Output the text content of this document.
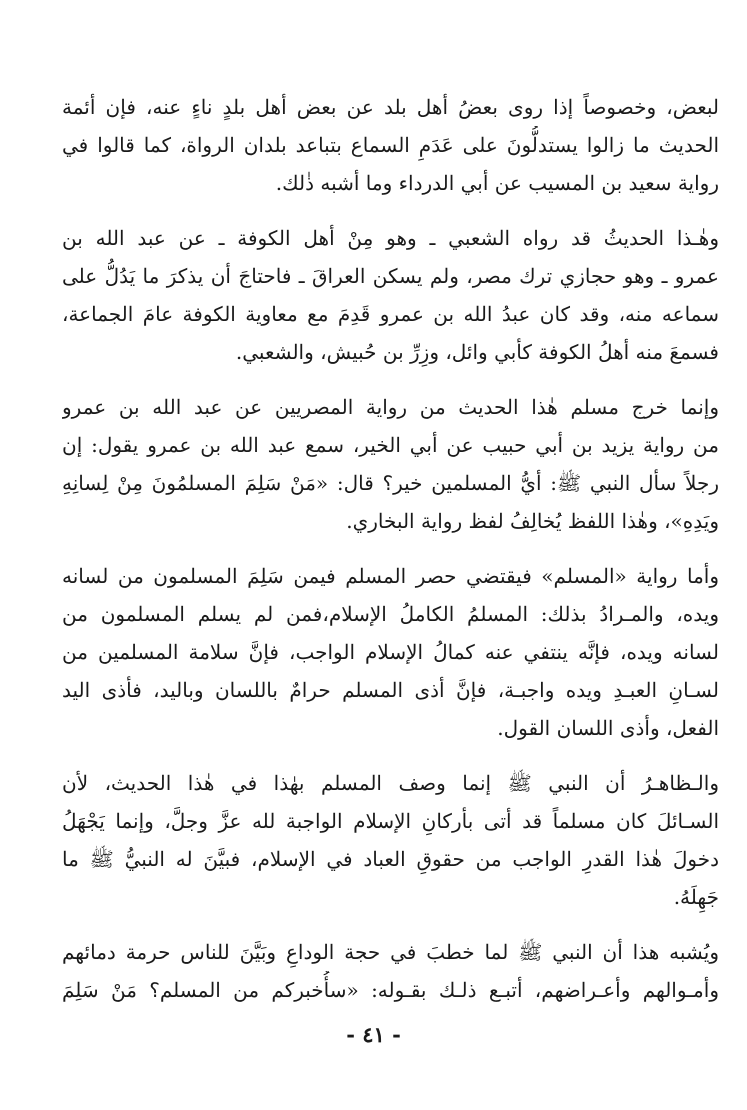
لبعض، وخصوصاً إذا روى بعضُ أهل بلد عن بعض أهل بلدٍ ناءٍ عنه، فإن أئمة
الحديث ما زالوا يستدلُّونَ على عَدَمِ السماع بتباعد بلدان الرواة، كما قالوا في
رواية سعيد بن المسيب عن أبي الدرداء وما أشبه ذٰلك.
وهٰـذا الحديثُ قد رواه الشعبي ـ وهو مِنْ أهل الكوفة ـ عن عبد الله بن
عمرو ـ وهو حجازي ترك مصر، ولم يسكن العراقَ ـ فاحتاجَ أن يذكرَ ما يَدُلُّ على
سماعه منه، وقد كان عبدُ الله بن عمرو قَدِمَ مع معاوية الكوفة عامَ الجماعة،
فسمعَ منه أهلُ الكوفة كأبي وائل، وزِرِّ بن حُبيش، والشعبي.
وإنما خرج مسلم هٰذا الحديث من رواية المصريين عن عبد الله بن عمرو
من رواية يزيد بن أبي حبيب عن أبي الخير، سمع عبد الله بن عمرو يقول: إن
رجلاً سأل النبي ﷺ: أيُّ المسلمين خير؟ قال: «مَنْ سَلِمَ المسلمُونَ مِنْ لِسانِهِ
ويَدِهِ»، وهٰذا اللفظ يُخالِفُ لفظ رواية البخاري.
وأما رواية «المسلم» فيقتضي حصر المسلم فيمن سَلِمَ المسلمون من لسانه
ويده، والمـرادُ بذلك: المسلمُ الكاملُ الإسلام،فمن لم يسلم المسلمون من
لسانه ويده، فإنَّه ينتفي عنه كمالُ الإسلام الواجب، فإنَّ سلامة المسلمين من
لسـانِ العبـدِ ويده واجبـة، فإنَّ أذى المسلم حرامٌ باللسان وباليد، فأذى اليد
الفعل، وأذى اللسان القول.
والـظاهـرُ أن النبي ﷺ إنما وصف المسلم بهٰذا في هٰذا الحديث، لأن
السـائلَ كان مسلماً قد أتى بأركانِ الإسلام الواجبة لله عزَّ وجلَّ، وإنما يَجْهَلُ
دخولَ هٰذا القدرِ الواجب من حقوقِ العباد في الإسلام، فبيَّنَ له النبيُّ ﷺ ما
جَهِلَهُ.
ويُشبه هذا أن النبي ﷺ لما خطبَ في حجة الوداعِ وبَيَّنَ للناس حرمة دمائهم
وأمـوالهم وأعـراضهم، أتبـع ذلـك بقـوله: «سأُخبركم من المسلم؟ مَنْ سَلِمَ
- ٤١ -
